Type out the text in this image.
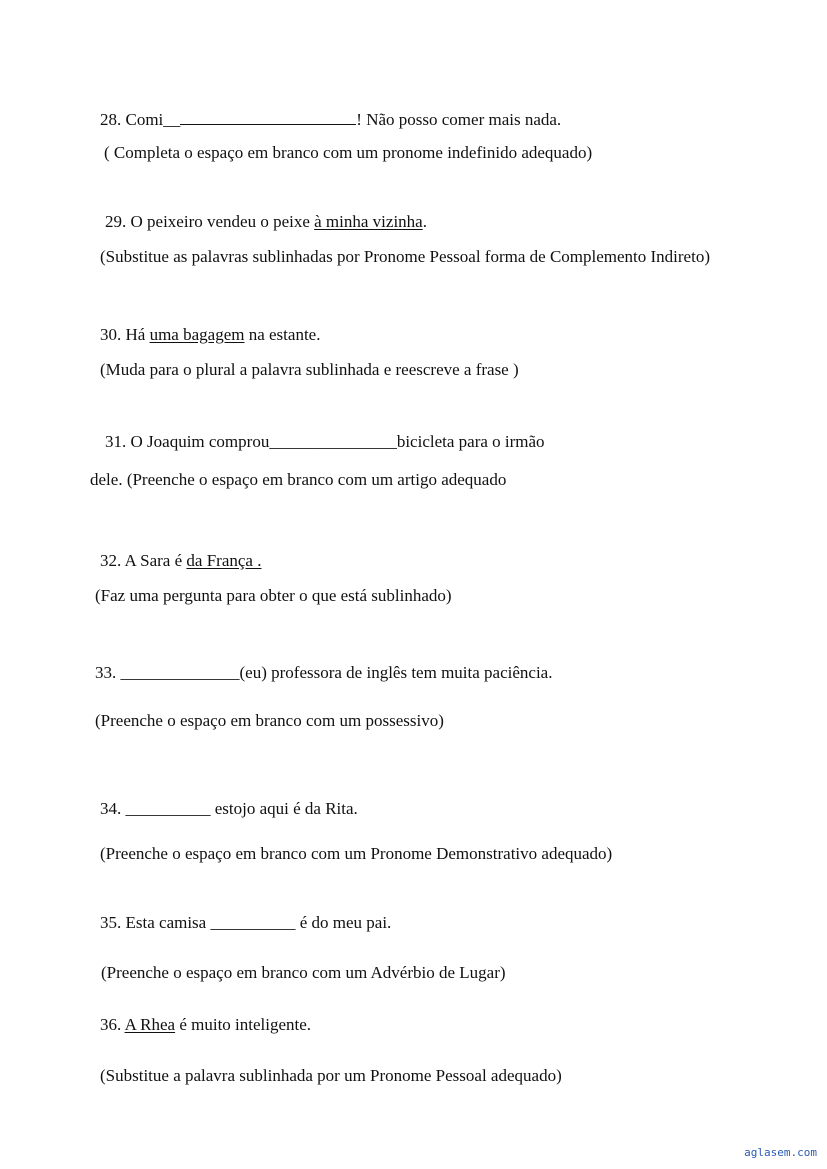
28. Comi__	! Não posso comer mais nada.
( Completa o espaço em branco com um pronome indefinido adequado)
29. O peixeiro vendeu o peixe à minha vizinha.
(Substitue as palavras sublinhadas por Pronome Pessoal forma de Complemento Indireto)
30. Há uma bagagem na estante.
(Muda para o plural a palavra sublinhada e reescreve a frase )
31. O Joaquim comprou_______________bicicleta para o irmão
dele. (Preenche o espaço em branco com um artigo adequado
32. A Sara é da França .
(Faz uma pergunta para obter o que está sublinhado)
33. ______________(eu) professora de inglês tem muita paciência.
(Preenche o espaço em branco com um possessivo)
34. __________ estojo aqui é da Rita.
(Preenche o espaço em branco com um Pronome Demonstrativo adequado)
35. Esta camisa __________ é do meu pai.
(Preenche o espaço em branco com um Advérbio de Lugar)
36. A Rhea é muito inteligente.
(Substitue a palavra sublinhada por um Pronome Pessoal adequado)
aglasem.com
